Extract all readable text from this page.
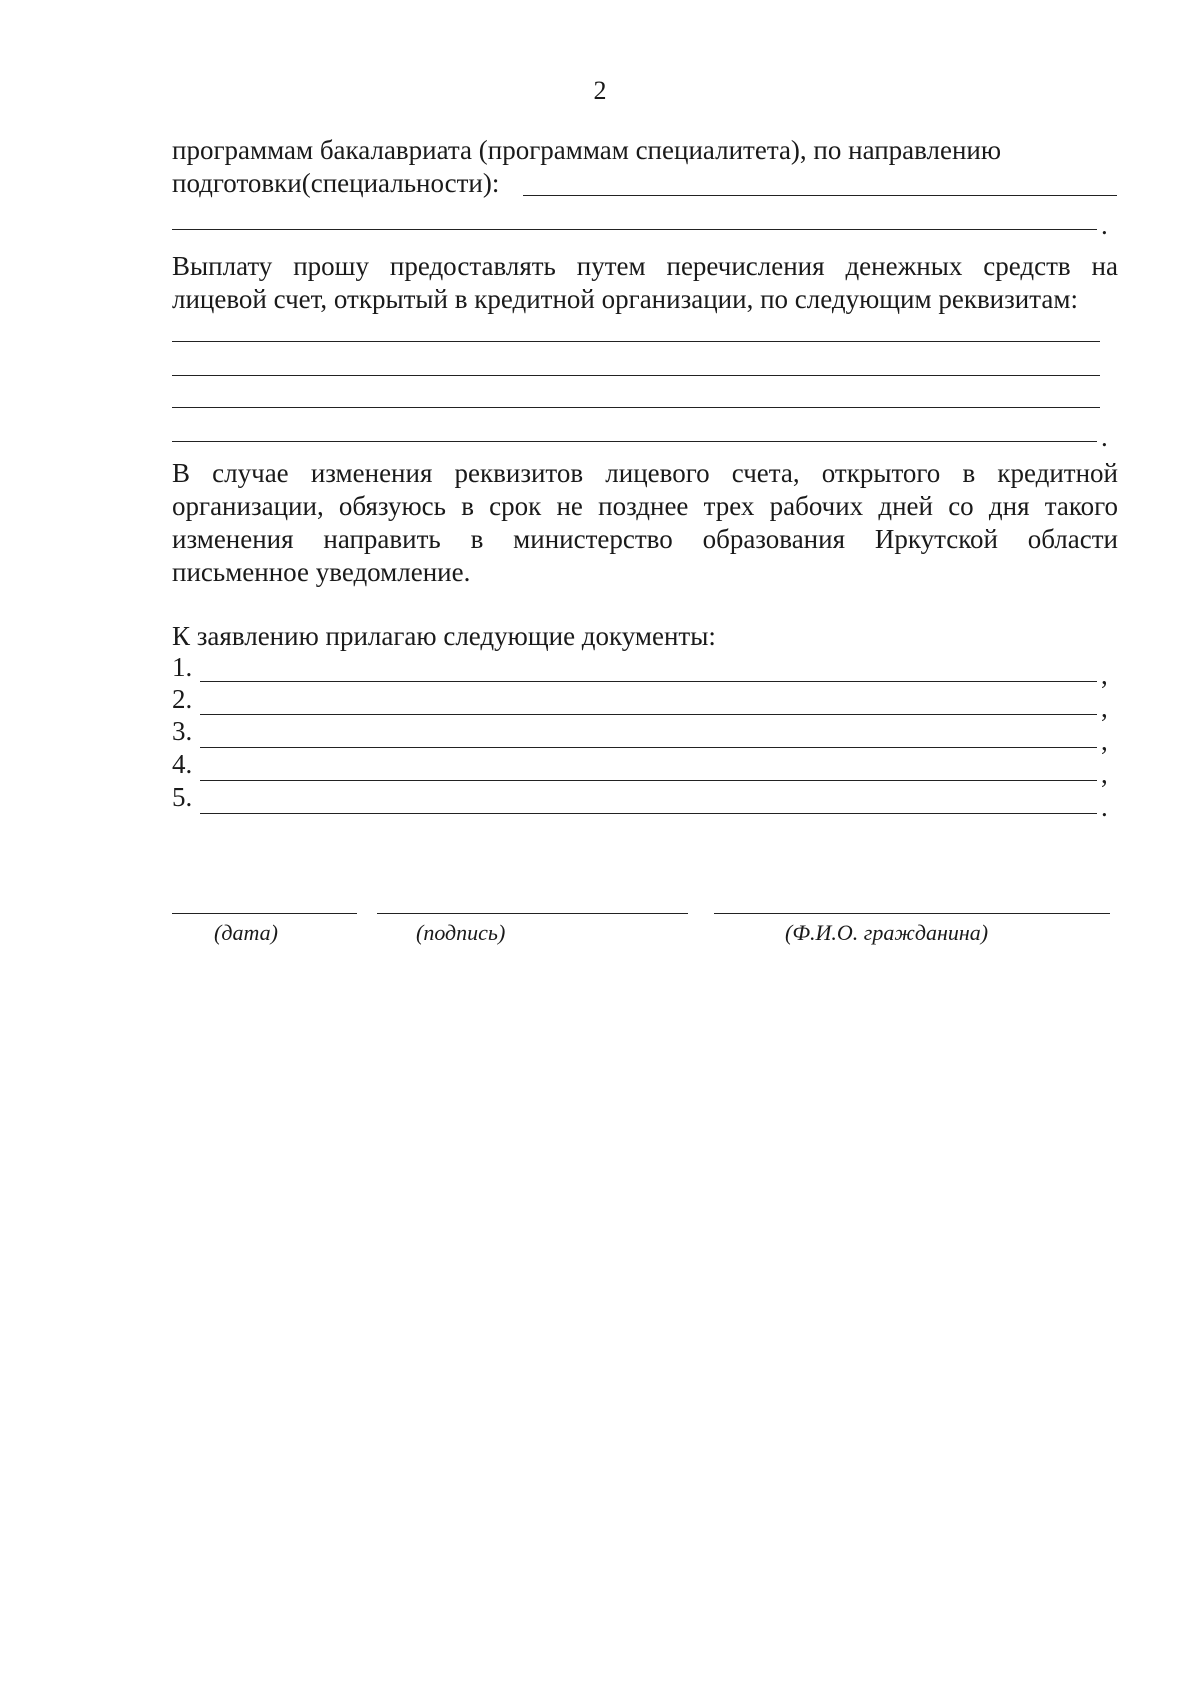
2
программам бакалавриата (программам специалитета), по направлению
подготовки(специальности):
.
Выплату прошу предоставлять путем перечисления денежных средств на лицевой счет, открытый в кредитной организации, по следующим реквизитам:
.
В случае изменения реквизитов лицевого счета, открытого в кредитной организации, обязуюсь в срок не позднее трех рабочих дней со дня такого изменения направить в министерство образования Иркутской области письменное уведомление.
К заявлению прилагаю следующие документы:
1.	,
2.	,
3.	,
4.	,
5.	.
(дата)	(подпись)	(Ф.И.О. гражданина)
